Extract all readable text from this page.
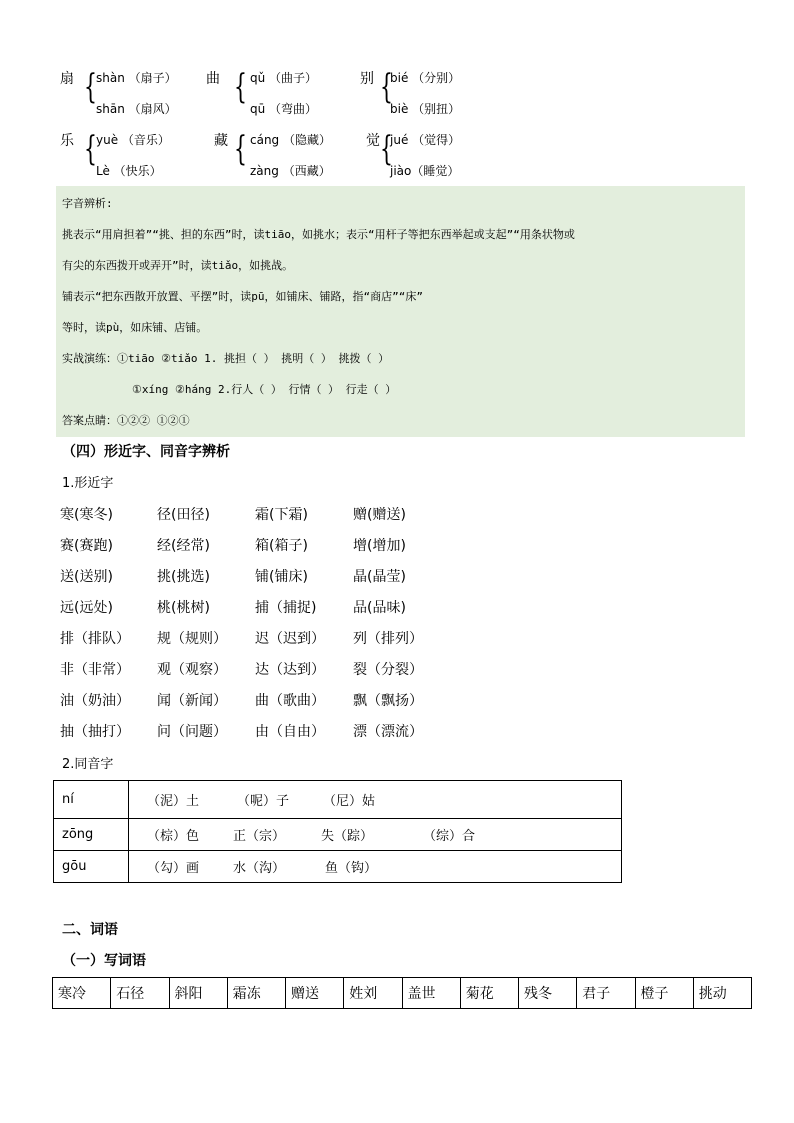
扇 { shàn （扇子）
shān （扇风）
曲 { qǔ （曲子）
qū （弯曲）
别 {
bié （分别）
biè （别扭）
乐 { yuè （音乐）
Lè （快乐）
藏 { cáng （隐藏）
zàng （西藏）
觉 {
jué （觉得）
jiào（睡觉）
字音辨析:
挑表示“用肩担着”“挑、担的东西”时，读tiāo，如挑水；表示“用杆子等把东西举起或支起”“用条状物或
有尖的东西拨开或弄开”时，读tiǎo，如挑战。
铺表示“把东西散开放置、平摆”时，读pū，如铺床、铺路，指“商店”“床”
等时，读pù，如床铺、店铺。
实战演练：①tiāo ②tiǎo 1. 挑担（ ） 挑明（ ） 挑拨（ ）
①xíng ②háng 2.行人（ ） 行情（ ） 行走（ ）
答案点睛：①②② ①②①
（四）形近字、同音字辨析
1.形近字
寒(寒冬)	径(田径)	霜(下霜)	赠(赠送)
赛(赛跑)	经(经常)	箱(箱子)	增(增加)
送(送别)	挑(挑选)	铺(铺床)	晶(晶莹)
远(远处)	桃(桃树)	捕（捕捉)	品(品味)
排（排队） 规（规则） 迟（迟到） 列（排列）
非（非常） 观（观察） 达（达到） 裂（分裂）
油（奶油） 闻（新闻） 曲（歌曲） 飘（飘扬）
抽（抽打） 问（问题） 由（自由） 漂（漂流）
2.同音字
ní	（泥）土 （呢）子 （尼）姑
zōng	（棕）色 正（宗） 失（踪） （综）合
gōu	（勾）画 水（沟） 鱼（钩）
二、词语
（一）写词语
寒冷	石径	斜阳	霜冻	赠送	姓刘	盖世	菊花	残冬	君子	橙子	挑动
